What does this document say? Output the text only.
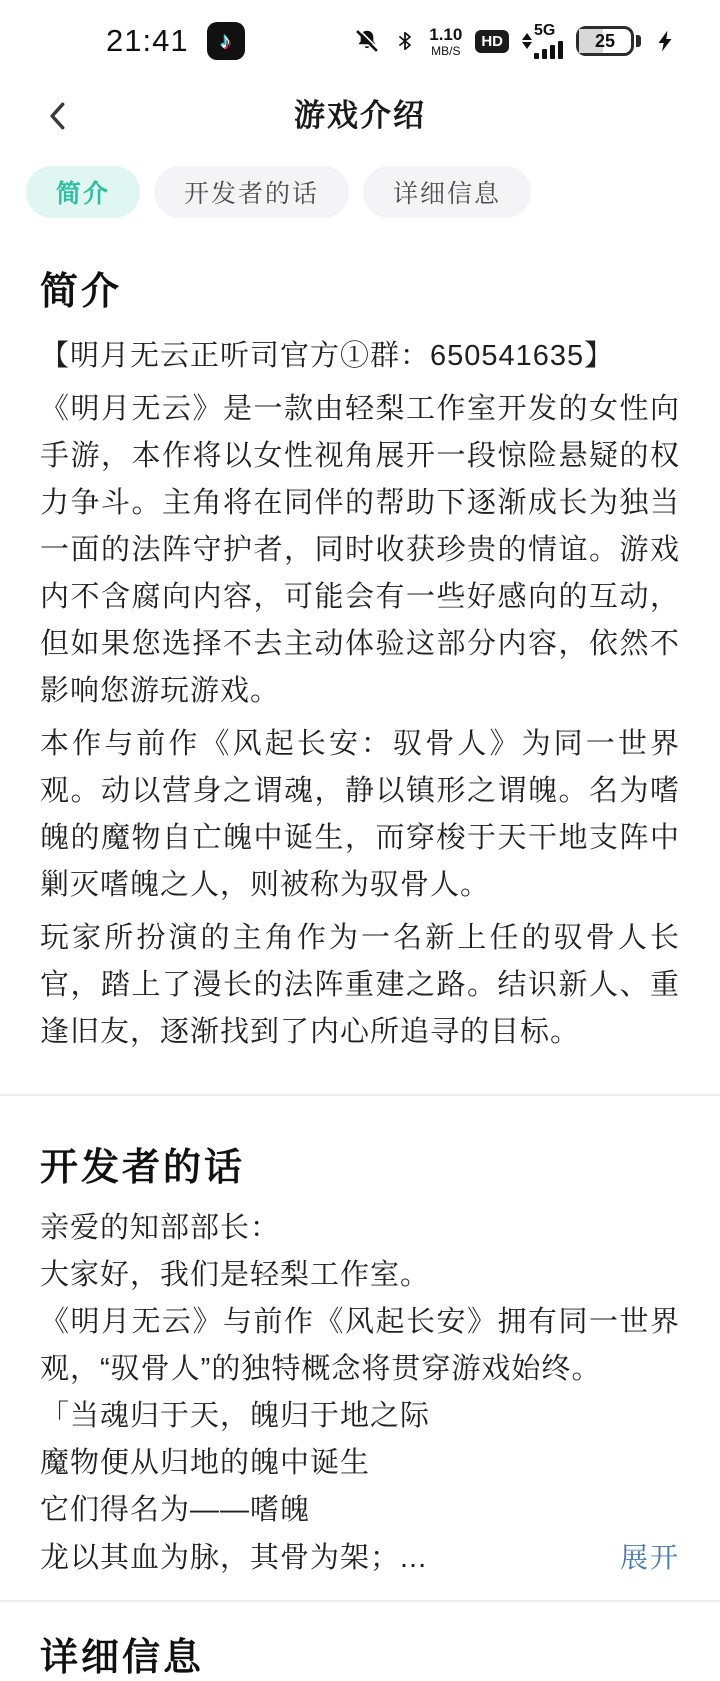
21:41 ♪	1.10
MB/S
HD
5G	25
游戏介绍
简介	开发者的话	详细信息
简介

【明月无云正听司官方①群：650541635】

《明月无云》是一款由轻梨工作室开发的女性向手游，本作将以女性视角展开一段惊险悬疑的权力争斗。主角将在同伴的帮助下逐渐成长为独当一面的法阵守护者，同时收获珍贵的情谊。游戏内不含腐向内容，可能会有一些好感向的互动，但如果您选择不去主动体验这部分内容，依然不影响您游玩游戏。

本作与前作《风起长安：驭骨人》为同一世界观。动以营身之谓魂，静以镇形之谓魄。名为嗜魄的魔物自亡魄中诞生，而穿梭于天干地支阵中剿灭嗜魄之人，则被称为驭骨人。

玩家所扮演的主角作为一名新上任的驭骨人长官，踏上了漫长的法阵重建之路。结识新人、重逢旧友，逐渐找到了内心所追寻的目标。

开发者的话

亲爱的知部部长：

大家好，我们是轻梨工作室。

《明月无云》与前作《风起长安》拥有同一世界观，“驭骨人”的独特概念将贯穿游戏始终。

「当魂归于天，魄归于地之际

魔物便从归地的魄中诞生

它们得名为——嗜魄

龙以其血为脉，其骨为架；...	展开
详细信息
